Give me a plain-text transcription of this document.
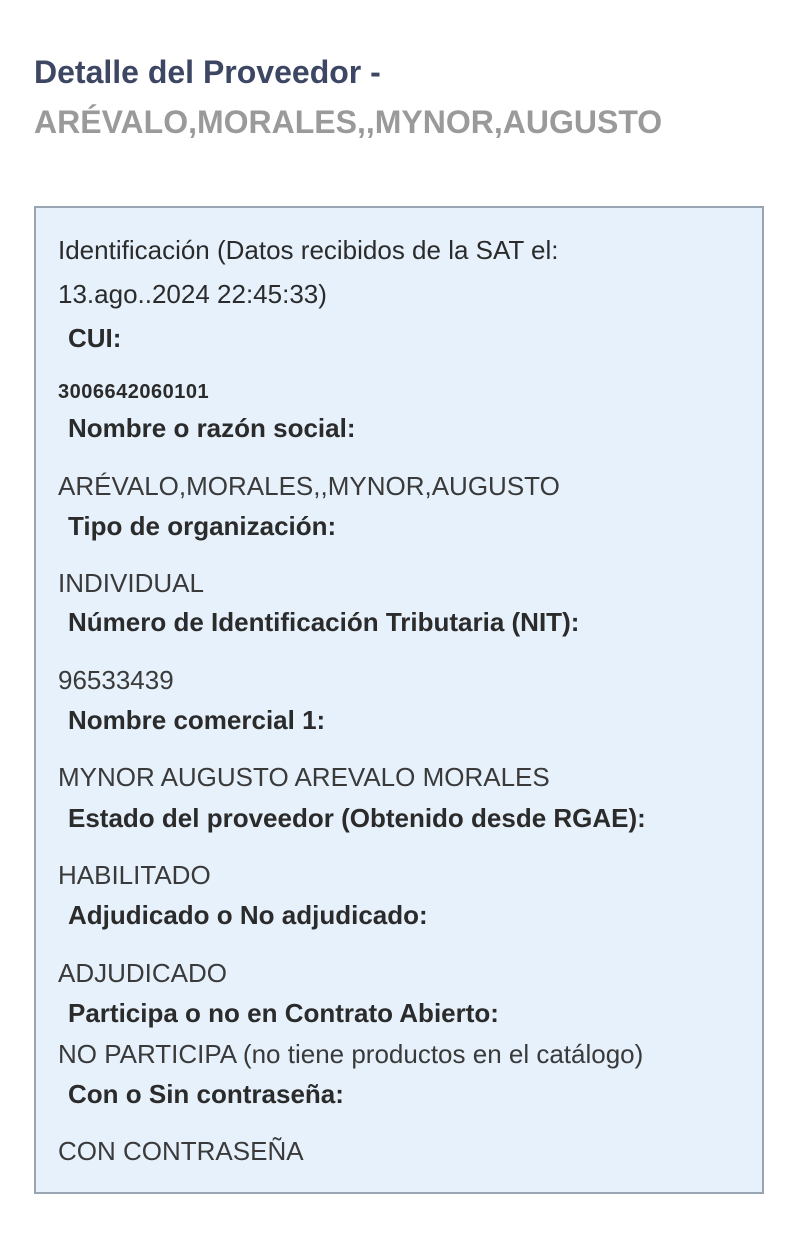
Detalle del Proveedor -
ARÉVALO,MORALES,,MYNOR,AUGUSTO
Identificación (Datos recibidos de la SAT el:
13.ago..2024 22:45:33)
CUI:
3006642060101
Nombre o razón social:
ARÉVALO,MORALES,,MYNOR,AUGUSTO
Tipo de organización:
INDIVIDUAL
Número de Identificación Tributaria (NIT):
96533439
Nombre comercial 1:
MYNOR AUGUSTO AREVALO MORALES
Estado del proveedor (Obtenido desde RGAE):
HABILITADO
Adjudicado o No adjudicado:
ADJUDICADO
Participa o no en Contrato Abierto:
NO PARTICIPA (no tiene productos en el catálogo)
Con o Sin contraseña:
CON CONTRASEÑA
